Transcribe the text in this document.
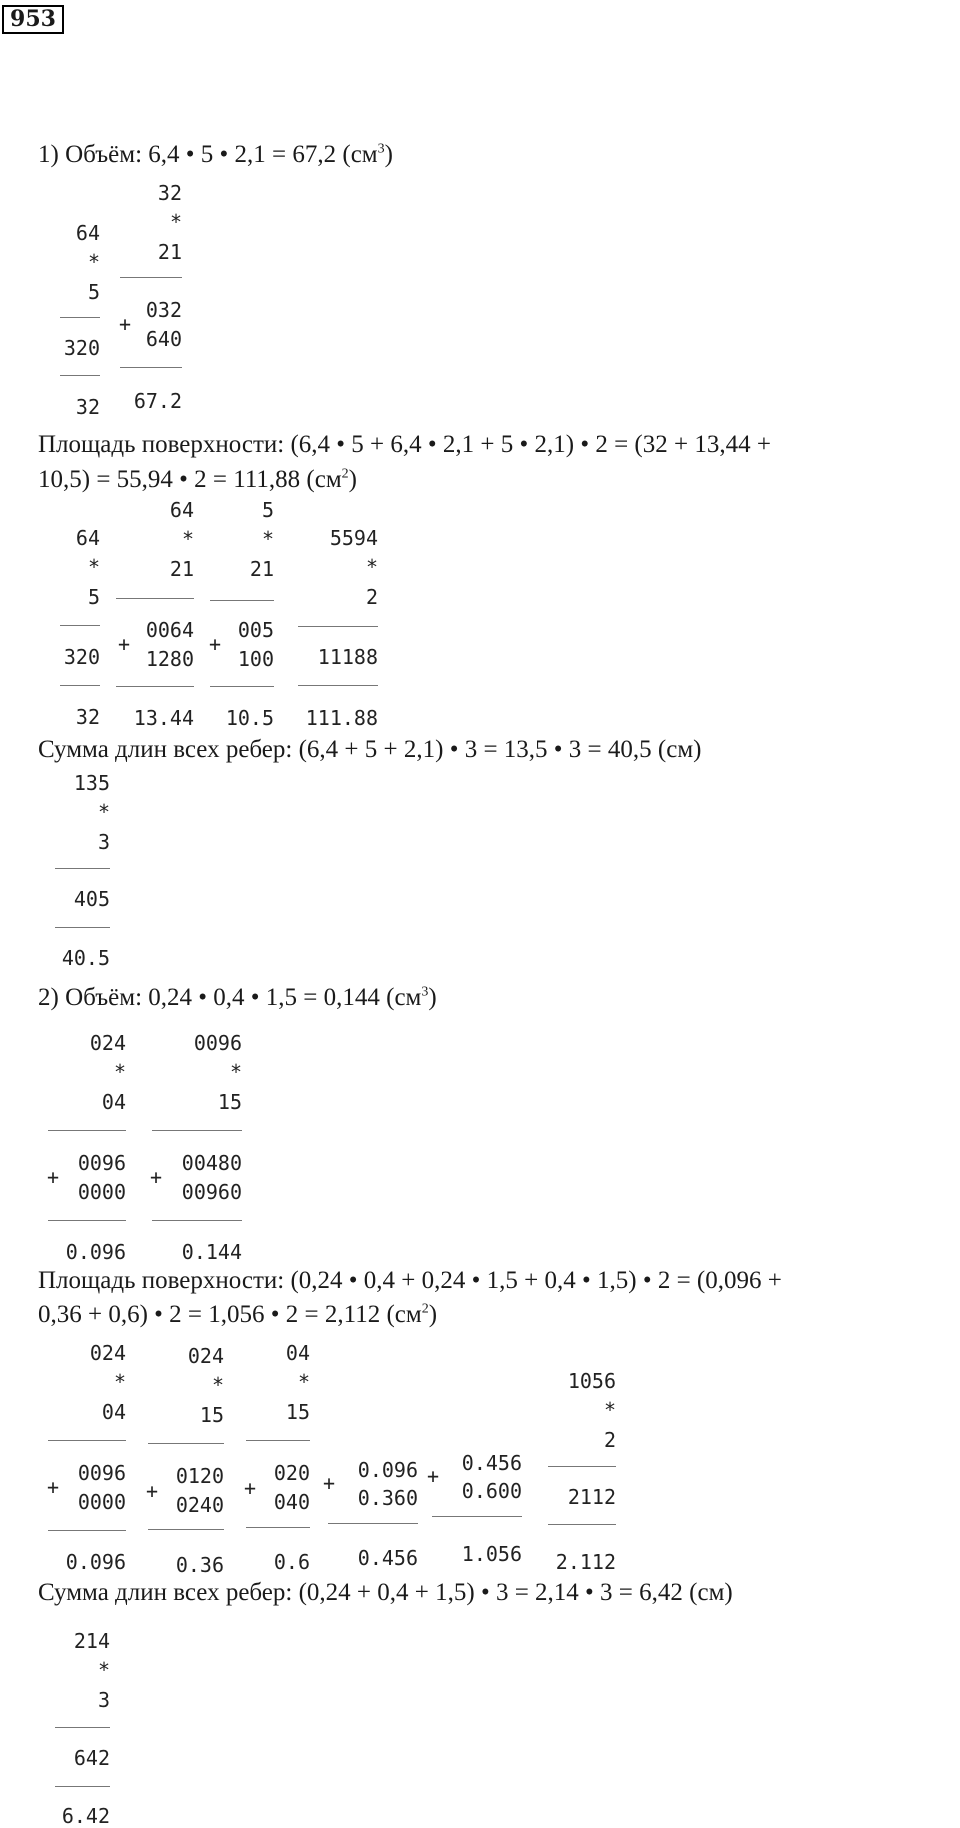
953
1) Объём: 6,4 • 5 • 2,1 = 67,2 $(см^3)$
64
*
5
320
32
32
*
21
+
032
640
67.2
Площадь поверхности: (6,4 • 5 + 6,4 • 2,1 + 5 • 2,1) • 2 = (32 + 13,44 +
10,5) = 55,94 • 2 = 111,88 $(см^2)$
64
*
5
320
32
64
*
21
+
0064
1280
13.44
5
*
21
+
005
100
10.5
5594
*
2
11188
111.88
Сумма длин всех ребер: (6,4 + 5 + 2,1) • 3 = 13,5 • 3 = 40,5 (см)
135
*
3
405
40.5
2) Объём: 0,24 • 0,4 • 1,5 = 0,144 $(см^3)$
024
*
04
+
0096
0000
0.096
0096
*
15
+
00480
00960
0.144
Площадь поверхности: (0,24 • 0,4 + 0,24 • 1,5 + 0,4 • 1,5) • 2 = (0,096 +
0,36 + 0,6) • 2 = 1,056 • 2 = 2,112 $(см^2)$
024
*
04
+
0096
0000
0.096
024
*
15
+
0120
0240
0.36
04
*
15
+
020
040
0.6
+
0.096
0.360
0.456
+
0.456
0.600
1.056
1056
*
2
2112
2.112
Сумма длин всех ребер: (0,24 + 0,4 + 1,5) • 3 = 2,14 • 3 = 6,42 (см)
214
*
3
642
6.42
